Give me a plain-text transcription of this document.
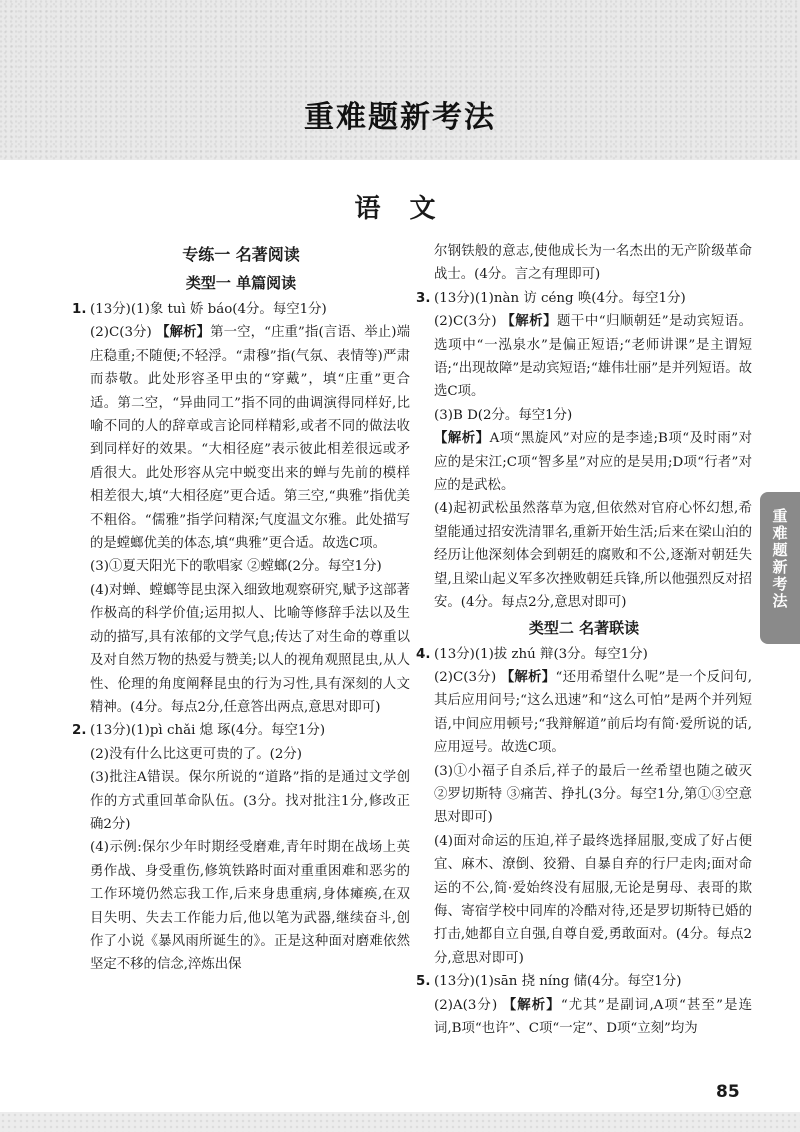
重难题新考法
语 文
专练一 名著阅读
类型一 单篇阅读
1. (13分)(1)象 tuì 娇 báo(4分。每空1分)
(2)C(3分) 【解析】第一空，“庄重”指(言语、举止)端庄稳重;不随便;不轻浮。“肃穆”指(气氛、表情等)严肃而恭敬。此处形容圣甲虫的“穿戴”，填“庄重”更合适。第二空，“异曲同工”指不同的曲调演得同样好,比喻不同的人的辞章或言论同样精彩,或者不同的做法收到同样好的效果。“大相径庭”表示彼此相差很远或矛盾很大。此处形容从完中蜕变出来的蝉与先前的模样相差很大,填“大相径庭”更合适。第三空,“典雅”指优美不粗俗。“儒雅”指学问精深;气度温文尔雅。此处描写的是螳螂优美的体态,填“典雅”更合适。故选C项。
(3)①夏天阳光下的歌唱家 ②螳螂(2分。每空1分)
(4)对蝉、螳螂等昆虫深入细致地观察研究,赋予这部著作极高的科学价值;运用拟人、比喻等修辞手法以及生动的描写,具有浓郁的文学气息;传达了对生命的尊重以及对自然万物的热爱与赞美;以人的视角观照昆虫,从人性、伦理的角度阐释昆虫的行为习性,具有深刻的人文精神。(4分。每点2分,任意答出两点,意思对即可)
2. (13分)(1)pì chǎi 熄 琢(4分。每空1分)
(2)没有什么比这更可贵的了。(2分)
(3)批注A错误。保尔所说的“道路”指的是通过文学创作的方式重回革命队伍。(3分。找对批注1分,修改正确2分)
(4)示例:保尔少年时期经受磨难,青年时期在战场上英勇作战、身受重伤,修筑铁路时面对重重困难和恶劣的工作环境仍然忘我工作,后来身患重病,身体瘫痪,在双目失明、失去工作能力后,他以笔为武器,继续奋斗,创作了小说《暴风雨所诞生的》。正是这种面对磨难依然坚定不移的信念,淬炼出保
尔钢铁般的意志,使他成长为一名杰出的无产阶级革命战士。(4分。言之有理即可)
3. (13分)(1)nàn 访 céng 唤(4分。每空1分)
(2)C(3分) 【解析】题干中“归顺朝廷”是动宾短语。选项中“一泓泉水”是偏正短语;“老师讲课”是主谓短语;“出现故障”是动宾短语;“雄伟壮丽”是并列短语。故选C项。
(3)B D(2分。每空1分)
【解析】A项“黑旋风”对应的是李逵;B项“及时雨”对应的是宋江;C项“智多星”对应的是吴用;D项“行者”对应的是武松。
(4)起初武松虽然落草为寇,但依然对官府心怀幻想,希望能通过招安洗清罪名,重新开始生活;后来在梁山泊的经历让他深刻体会到朝廷的腐败和不公,逐渐对朝廷失望,且梁山起义军多次挫败朝廷兵锋,所以他强烈反对招安。(4分。每点2分,意思对即可)
类型二 名著联读
4. (13分)(1)拔 zhú 辩(3分。每空1分)
(2)C(3分) 【解析】“还用希望什么呢”是一个反问句,其后应用问号;“这么迅速”和“这么可怕”是两个并列短语,中间应用顿号;“我辩解道”前后均有简·爱所说的话,应用逗号。故选C项。
(3)①小福子自杀后,祥子的最后一丝希望也随之破灭 ②罗切斯特 ③痛苦、挣扎(3分。每空1分,第①③空意思对即可)
(4)面对命运的压迫,祥子最终选择屈服,变成了好占便宜、麻木、潦倒、狡猾、自暴自弃的行尸走肉;面对命运的不公,简·爱始终没有屈服,无论是舅母、表哥的欺侮、寄宿学校中同库的冷酷对待,还是罗切斯特已婚的打击,她都自立自强,自尊自爱,勇敢面对。(4分。每点2分,意思对即可)
5. (13分)(1)sān 挠 níng 储(4分。每空1分)
(2)A(3分) 【解析】“尤其”是副词,A项“甚至”是连词,B项“也许”、C项“一定”、D项“立刻”均为
重难题新考法
85
